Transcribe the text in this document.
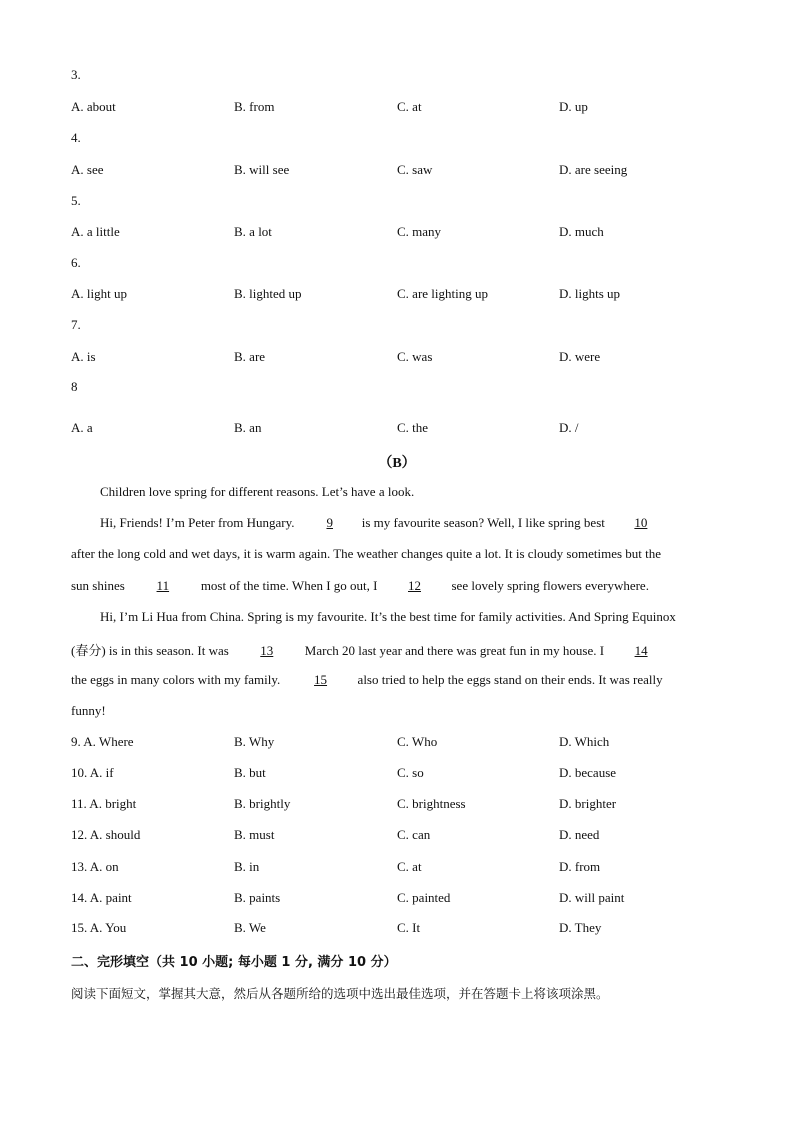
3.
A. about	B. from	C. at	D. up
4.
A. see	B. will see	C. saw	D. are seeing
5.
A. a little	B. a lot	C. many	D. much
6.
A. light up	B. lighted up	C. are lighting up	D. lights up
7.
A. is	B. are	C. was	D. were
8
A. a	B. an	C. the	D. /
（B）
Children love spring for different reasons. Let’s have a look.
Hi, Friends! I’m Peter from Hungary. 9 is my favourite season? Well, I like spring best 10
after the long cold and wet days, it is warm again. The weather changes quite a lot. It is cloudy sometimes but the
sun shines 11 most of the time. When I go out, I 12 see lovely spring flowers everywhere.
Hi, I’m Li Hua from China. Spring is my favourite. It’s the best time for family activities. And Spring Equinox
(春分) is in this season. It was 13 March 20 last year and there was great fun in my house. I 14
the eggs in many colors with my family. 15 also tried to help the eggs stand on their ends. It was really
funny!
9. A. Where	B. Why	C. Who	D. Which
10. A. if	B. but	C. so	D. because
11. A. bright	B. brightly	C. brightness	D. brighter
12. A. should	B. must	C. can	D. need
13. A. on	B. in	C. at	D. from
14. A. paint	B. paints	C. painted	D. will paint
15. A. You	B. We	C. It	D. They
二、完形填空（共 10 小题; 每小题 1 分, 满分 10 分）
阅读下面短文，掌握其大意，然后从各题所给的选项中选出最佳选项，并在答题卡上将该项涂黑。
